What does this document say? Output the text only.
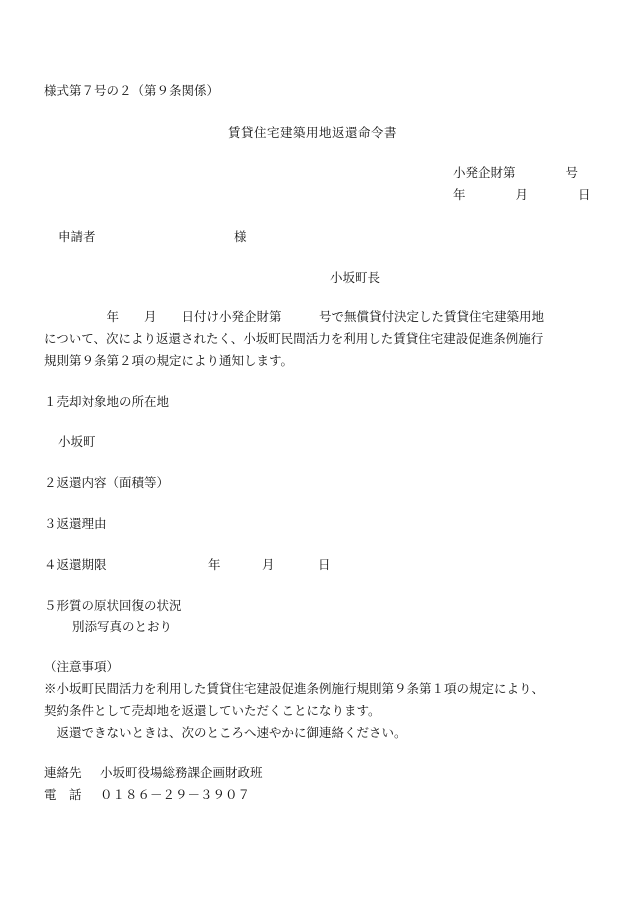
様式第７号の２（第９条関係）
賃貸住宅建築用地返還命令書
小発企財第　　　　号
年　　　　月　　　　日
申請者	様
小坂町長
　　　　　年　　月　　日付け小発企財第　　　号で無償貸付決定した賃貸住宅建築用地
について、次により返還されたく、小坂町民間活力を利用した賃貸住宅建設促進条例施行
規則第９条第２項の規定により通知します。
１売却対象地の所在地
小坂町
２返還内容（面積等）
３返還理由
４返還期限	年	月	日
５形質の原状回復の状況
別添写真のとおり
（注意事項）
※小坂町民間活力を利用した賃貸住宅建設促進条例施行規則第９条第１項の規定により、
契約条件として売却地を返還していただくことになります。
　返還できないときは、次のところへ速やかに御連絡ください。
連絡先 小坂町役場総務課企画財政班
電　話 ０１８６－２９－３９０７
